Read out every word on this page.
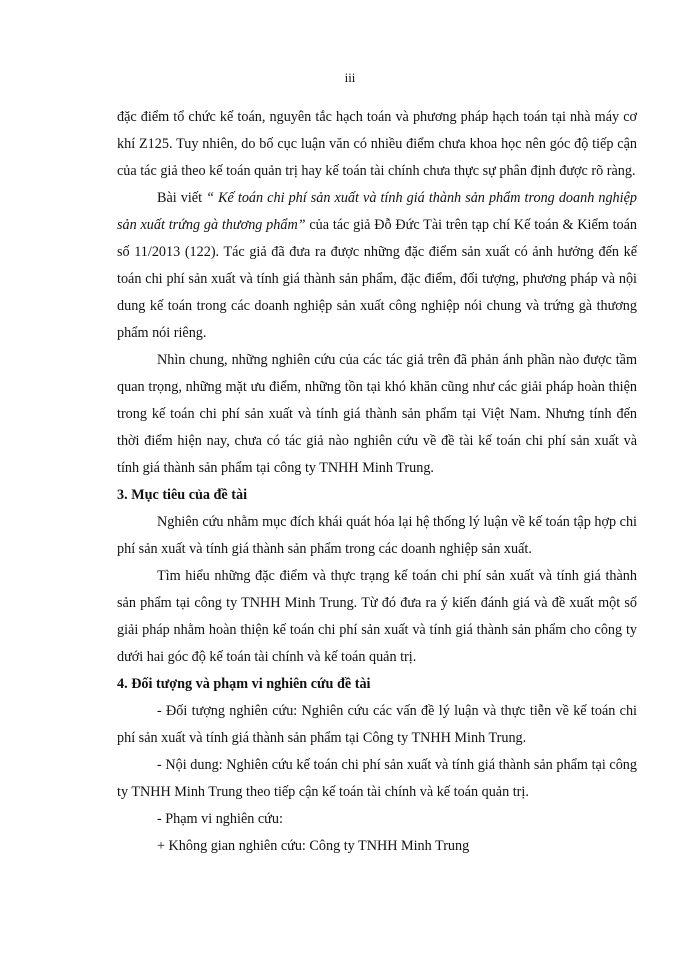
iii

đặc điểm tổ chức kế toán, nguyên tắc hạch toán và phương pháp hạch toán tại nhà máy cơ khí Z125. Tuy nhiên, do bố cục luận văn có nhiều điểm chưa khoa học nên góc độ tiếp cận của tác giả theo kế toán quản trị hay kế toán tài chính chưa thực sự phân định được rõ ràng.

Bài viết “ Kế toán chi phí sản xuất và tính giá thành sản phẩm trong doanh nghiệp sản xuất trứng gà thương phẩm” của tác giả Đỗ Đức Tài trên tạp chí Kế toán & Kiểm toán số 11/2013 (122). Tác giả đã đưa ra được những đặc điểm sản xuất có ảnh hưởng đến kế toán chi phí sản xuất và tính giá thành sản phẩm, đặc điểm, đối tượng, phương pháp và nội dung kế toán trong các doanh nghiệp sản xuất công nghiệp nói chung và trứng gà thương phẩm nói riêng.

Nhìn chung, những nghiên cứu của các tác giả trên đã phản ánh phần nào được tầm quan trọng, những mặt ưu điểm, những tồn tại khó khăn cũng như các giải pháp hoàn thiện trong kế toán chi phí sản xuất và tính giá thành sản phẩm tại Việt Nam. Nhưng tính đến thời điểm hiện nay, chưa có tác giả nào nghiên cứu về đề tài kế toán chi phí sản xuất và tính giá thành sản phẩm tại công ty TNHH Minh Trung.

3. Mục tiêu của đề tài

Nghiên cứu nhằm mục đích khái quát hóa lại hệ thống lý luận về kế toán tập hợp chi phí sản xuất và tính giá thành sản phẩm trong các doanh nghiệp sản xuất.

Tìm hiểu những đặc điểm và thực trạng kế toán chi phí sản xuất và tính giá thành sản phẩm tại công ty TNHH Minh Trung. Từ đó đưa ra ý kiến đánh giá và đề xuất một số giải pháp nhằm hoàn thiện kế toán chi phí sản xuất và tính giá thành sản phẩm cho công ty dưới hai góc độ kế toán tài chính và kế toán quản trị.

4. Đối tượng và phạm vi nghiên cứu đề tài

- Đối tượng nghiên cứu: Nghiên cứu các vấn đề lý luận và thực tiễn về kế toán chi phí sản xuất và tính giá thành sản phẩm tại Công ty TNHH Minh Trung.

- Nội dung: Nghiên cứu kế toán chi phí sản xuất và tính giá thành sản phẩm tại công ty TNHH Minh Trung theo tiếp cận kế toán tài chính và kế toán quản trị.

- Phạm vi nghiên cứu:

+ Không gian nghiên cứu: Công ty TNHH Minh Trung
